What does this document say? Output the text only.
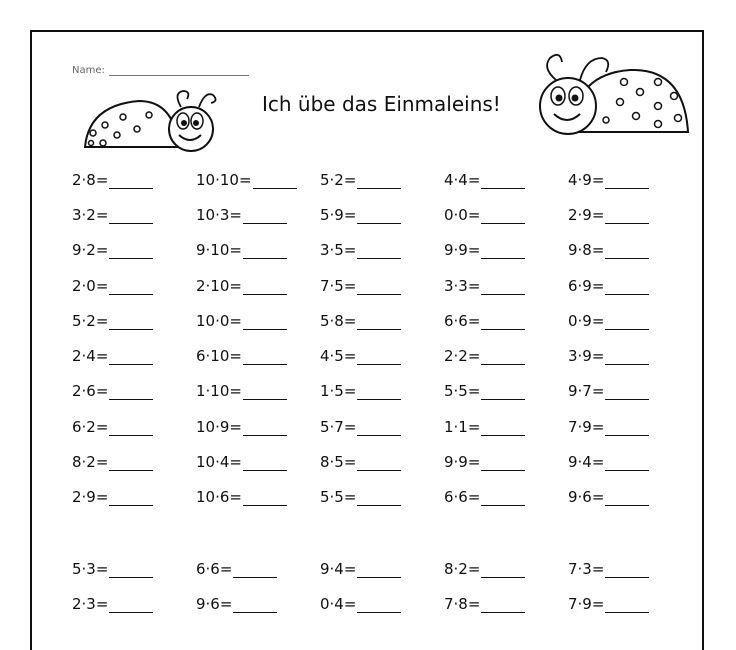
Name:
Ich übe das Einmaleins!
2·8=	10·10=	5·2=	4·4=	4·9=
3·2=	10·3=	5·9=	0·0=	2·9=
9·2=	9·10=	3·5=	9·9=	9·8=
2·0=	2·10=	7·5=	3·3=	6·9=
5·2=	10·0=	5·8=	6·6=	0·9=
2·4=	6·10=	4·5=	2·2=	3·9=
2·6=	1·10=	1·5=	5·5=	9·7=
6·2=	10·9=	5·7=	1·1=	7·9=
8·2=	10·4=	8·5=	9·9=	9·4=
2·9=	10·6=	5·5=	6·6=	9·6=
5·3=	6·6=	9·4=	8·2=	7·3=
2·3=	9·6=	0·4=	7·8=	7·9=
